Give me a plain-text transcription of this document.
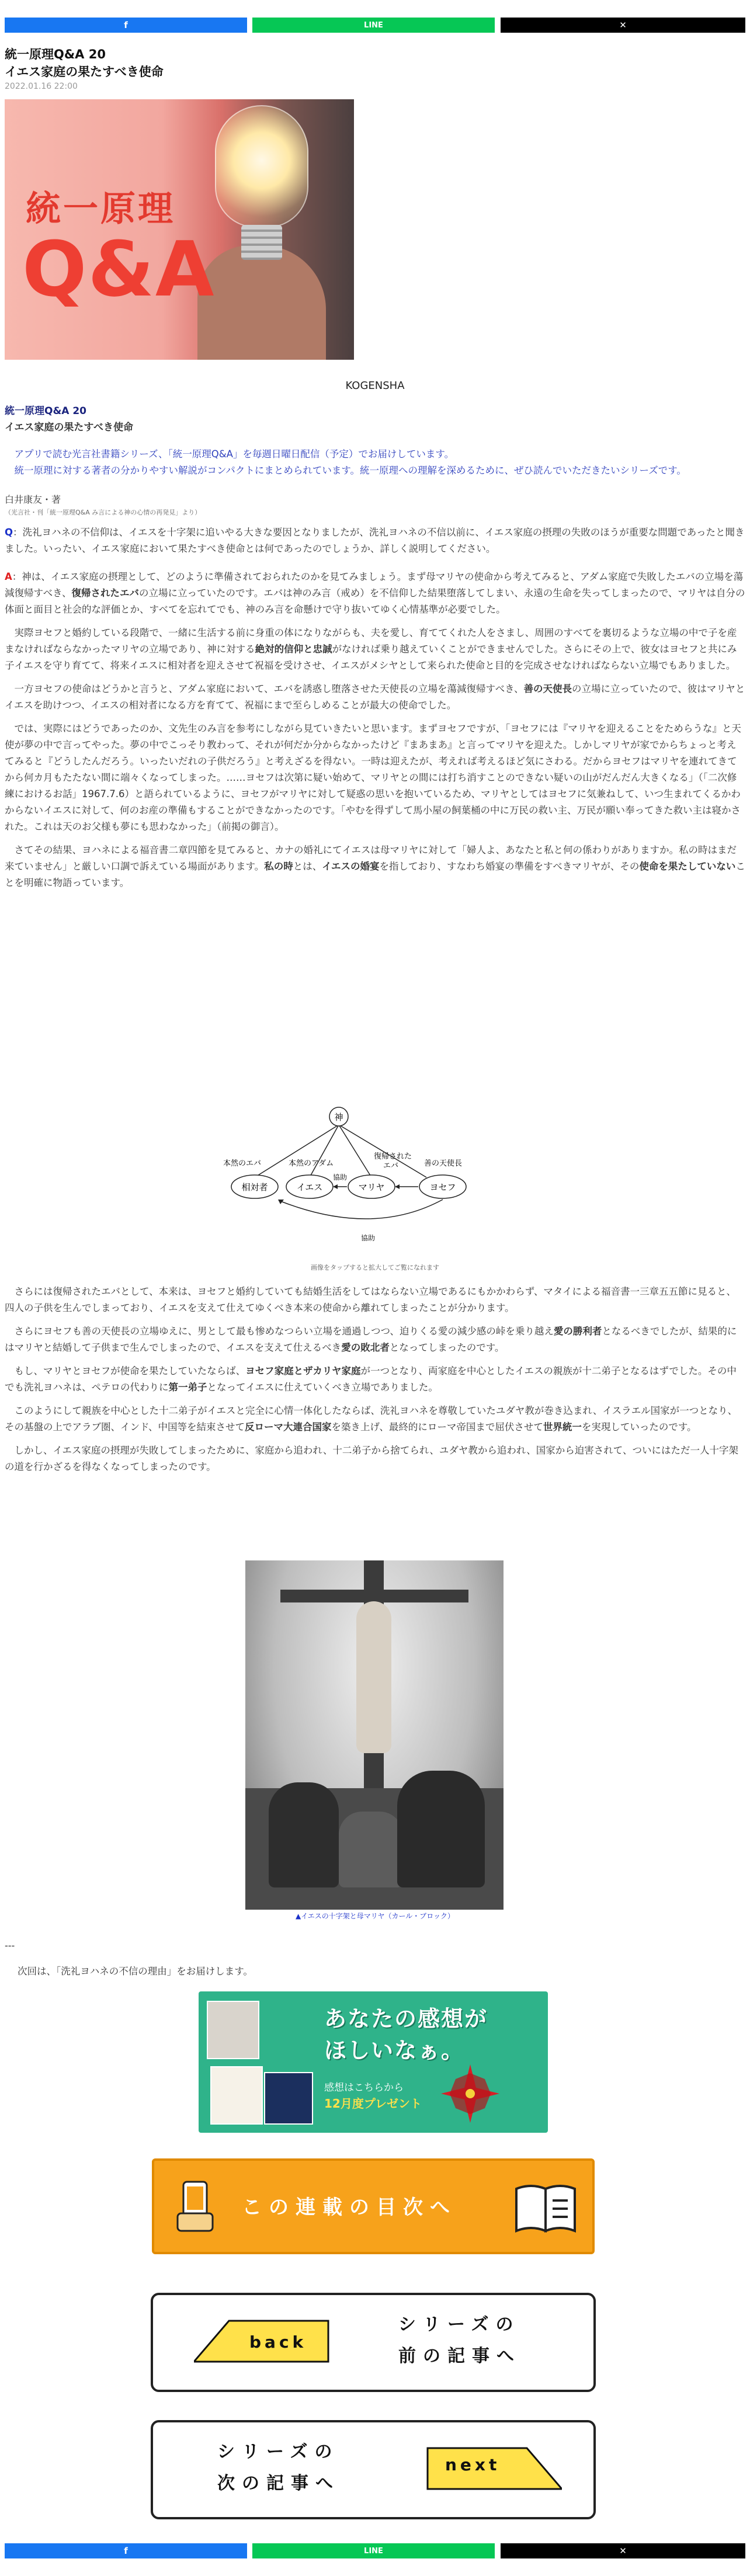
f	LINE	✕
統一原理Q&A 20
イエス家庭の果たすべき使命
2022.01.16 22:00
統一原理
Q&A
KOGENSHA
統一原理Q&A 20
イエス家庭の果たすべき使命

アプリで読む光言社書籍シリーズ、「統一原理Q&A」を毎週日曜日配信（予定）でお届けしています。

統一原理に対する著者の分かりやすい解説がコンパクトにまとめられています。統一原理への理解を深めるために、ぜひ読んでいただきたいシリーズです。

白井康友・著
（光言社・刊「統一原理Q&A み言による神の心情の再発見」より）

Q：洗礼ヨハネの不信仰は、イエスを十字架に追いやる大きな要因となりましたが、洗礼ヨハネの不信以前に、イエス家庭の摂理の失敗のほうが重要な問題であったと聞きました。いったい、イエス家庭において果たすべき使命とは何であったのでしょうか、詳しく説明してください。

A：神は、イエス家庭の摂理として、どのように準備されておられたのかを見てみましょう。まず母マリヤの使命から考えてみると、アダム家庭で失敗したエバの立場を蕩減復帰すべき、復帰されたエバの立場に立っていたのです。エバは神のみ言（戒め）を不信仰した結果堕落してしまい、永遠の生命を失ってしまったので、マリヤは自分の体面と面目と社会的な評価とか、すべてを忘れてでも、神のみ言を命懸けで守り抜いてゆく心情基準が必要でした。

実際ヨセフと婚約している段階で、一緒に生活する前に身重の体になりながらも、夫を愛し、育ててくれた人をさまし、周囲のすべてを裏切るような立場の中で子を産まなければならなかったマリヤの立場であり、神に対する絶対的信仰と忠誠がなければ乗り越えていくことができませんでした。さらにその上で、彼女はヨセフと共にみ子イエスを守り育てて、将来イエスに相対者を迎えさせて祝福を受けさせ、イエスがメシヤとして来られた使命と目的を完成させなければならない立場でもありました。

一方ヨセフの使命はどうかと言うと、アダム家庭において、エバを誘惑し堕落させた天使長の立場を蕩減復帰すべき、善の天使長の立場に立っていたので、彼はマリヤとイエスを助けつつ、イエスの相対者になる方を育てて、祝福にまで至らしめることが最大の使命でした。

では、実際にはどうであったのか、文先生のみ言を参考にしながら見ていきたいと思います。まずヨセフですが、「ヨセフには『マリヤを迎えることをためらうな』と天使が夢の中で言ってやった。夢の中でこっそり教わって、それが何だか分からなかったけど『まあまあ』と言ってマリヤを迎えた。しかしマリヤが家でからちょっと考えてみると『どうしたんだろう。いったいだれの子供だろう』と考えざるを得ない。一時は迎えたが、考えれば考えるほど気にさわる。だからヨセフはマリヤを連れてきてから何カ月もたたない間に端々くなってしまった。……ヨセフは次第に疑い始めて、マリヤとの間には打ち消すことのできない疑いの山がだんだん大きくなる」（「二次修練におけるお話」1967.7.6）と語られているように、ヨセフがマリヤに対して疑惑の思いを抱いているため、マリヤとしてはヨセフに気兼ねして、いつ生まれてくるかわからないイエスに対して、何のお産の準備もすることができなかったのです。「やむを得ずして馬小屋の飼葉桶の中に万民の救い主、万民が願い奉ってきた救い主は寝かされた。これは天のお父様も夢にも思わなかった」（前掲の御言）。

さてその結果、ヨハネによる福音書二章四節を見てみると、カナの婚礼にてイエスは母マリヤに対して「婦人よ、あなたと私と何の係わりがありますか。私の時はまだ来ていません」と厳しい口調で訴えている場面があります。私の時とは、イエスの婚宴を指しており、すなわち婚宴の準備をすべきマリヤが、その使命を果たしていないことを明確に物語っています。

神
相対者	イエス	マリヤ	ヨセフ
本然のエバ	本然のアダム
復帰された
エバ	善の天使長
協助
協助
画像をタップすると拡大してご覧になれます

さらには復帰されたエバとして、本来は、ヨセフと婚約していても結婚生活をしてはならない立場であるにもかかわらず、マタイによる福音書一三章五五節に見ると、四人の子供を生んでしまっており、イエスを支えて仕えてゆくべき本来の使命から離れてしまったことが分かります。

さらにヨセフも善の天使長の立場ゆえに、男として最も惨めなつらい立場を通過しつつ、迫りくる愛の減少感の峠を乗り越え愛の勝利者となるべきでしたが、結果的にはマリヤと結婚して子供まで生んでしまったので、イエスを支えて仕えるべき愛の敗北者となってしまったのです。

もし、マリヤとヨセフが使命を果たしていたならば、ヨセフ家庭とザカリヤ家庭が一つとなり、両家庭を中心としたイエスの親族が十二弟子となるはずでした。その中でも洗礼ヨハネは、ペテロの代わりに第一弟子となってイエスに仕えていくべき立場でありました。

このようにして親族を中心とした十二弟子がイエスと完全に心情一体化したならば、洗礼ヨハネを尊敬していたユダヤ教が巻き込まれ、イスラエル国家が一つとなり、その基盤の上でアラブ圏、インド、中国等を結束させて反ローマ大連合国家を築き上げ、最終的にローマ帝国まで屈伏させて世界統一を実現していったのです。

しかし、イエス家庭の摂理が失敗してしまったために、家庭から追われ、十二弟子から捨てられ、ユダヤ教から追われ、国家から迫害されて、ついにはただ一人十字架の道を行かざるを得なくなってしまったのです。

▲イエスの十字架と母マリヤ（カール・ブロック）
---
次回は、「洗礼ヨハネの不信の理由」をお届けします。
あなたの感想が
ほしいなぁ。
感想はこちらから
12月度プレゼント
この連載の目次へ
back
シリーズの
前の記事へ
シリーズの
次の記事へ
next
f	LINE	✕
